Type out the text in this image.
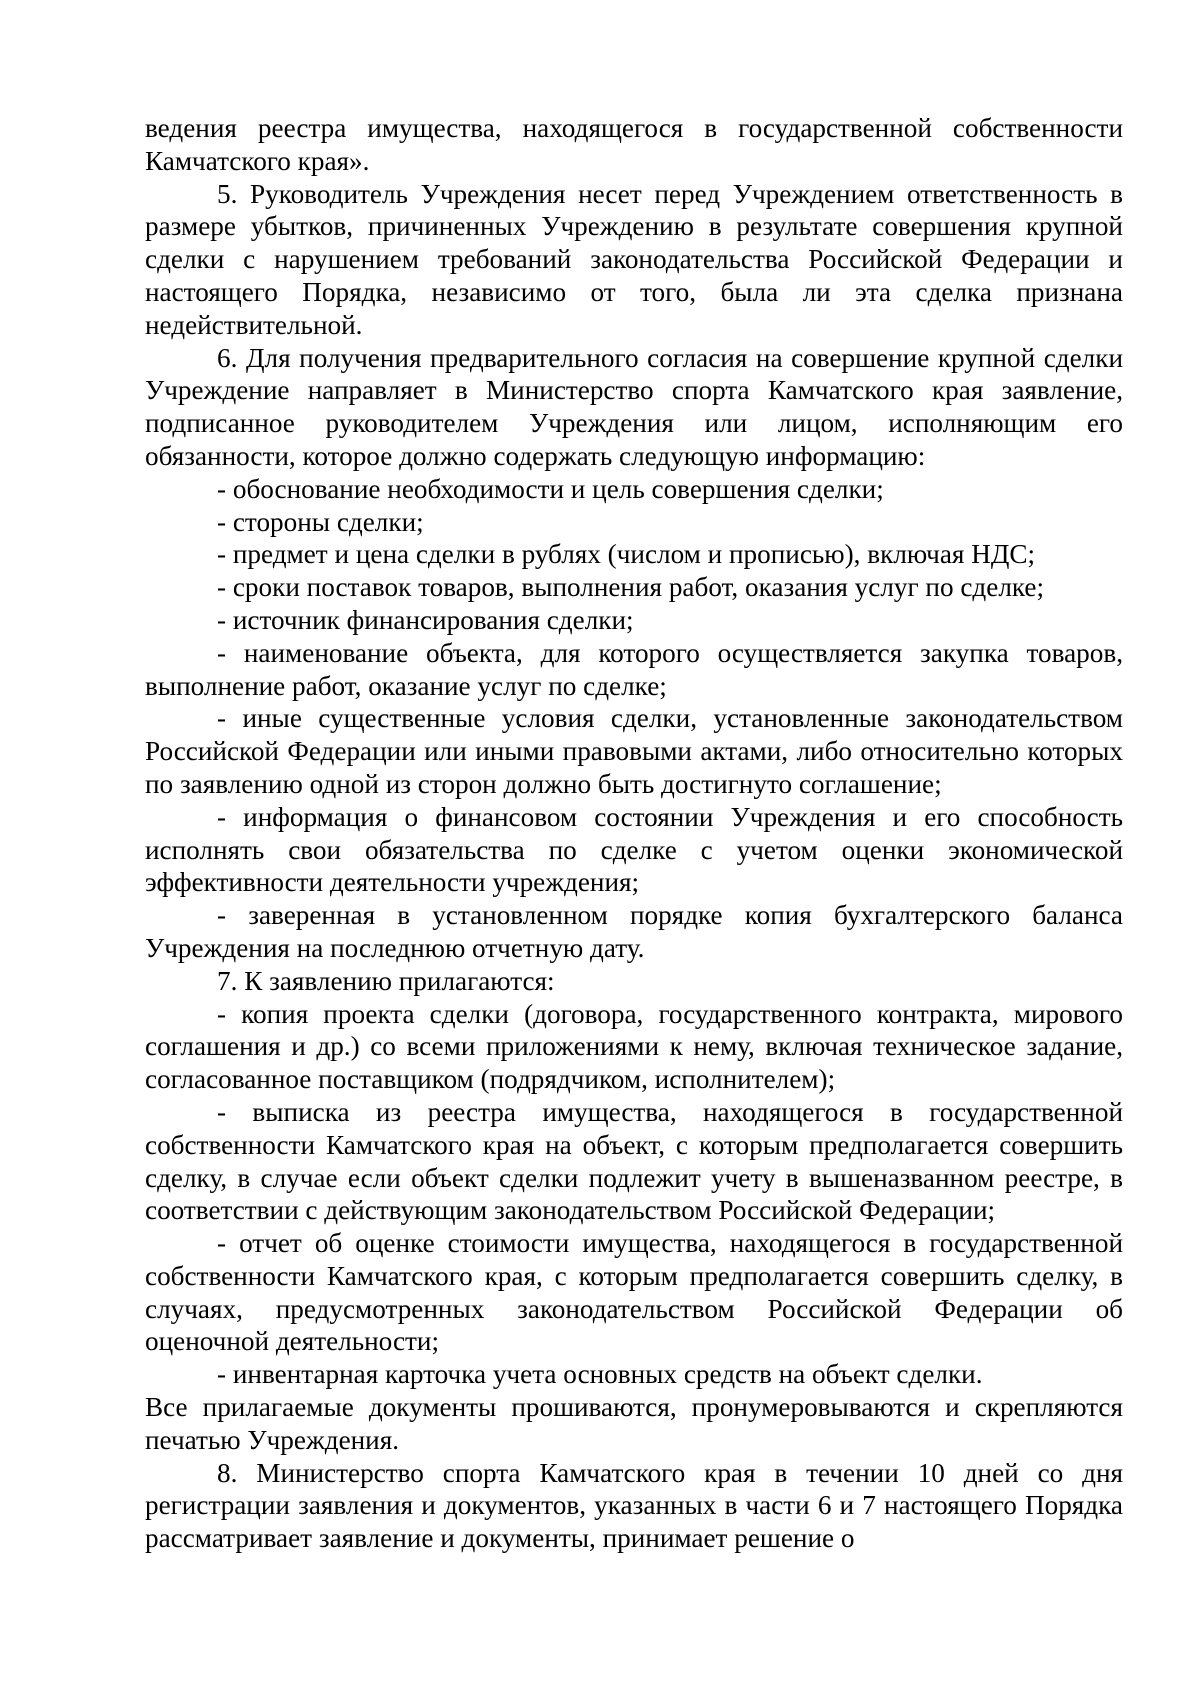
ведения реестра имущества, находящегося в государственной собственности Камчатского края».

5. Руководитель Учреждения несет перед Учреждением ответственность в размере убытков, причиненных Учреждению в результате совершения крупной сделки с нарушением требований законодательства Российской Федерации и настоящего Порядка, независимо от того, была ли эта сделка признана недействительной.

6. Для получения предварительного согласия на совершение крупной сделки Учреждение направляет в Министерство спорта Камчатского края заявление, подписанное руководителем Учреждения или лицом, исполняющим его обязанности, которое должно содержать следующую информацию:

- обоснование необходимости и цель совершения сделки;

- стороны сделки;

- предмет и цена сделки в рублях (числом и прописью), включая НДС;

- сроки поставок товаров, выполнения работ, оказания услуг по сделке;

- источник финансирования сделки;

- наименование объекта, для которого осуществляется закупка товаров, выполнение работ, оказание услуг по сделке;

- иные существенные условия сделки, установленные законодательством Российской Федерации или иными правовыми актами, либо относительно которых по заявлению одной из сторон должно быть достигнуто соглашение;

- информация о финансовом состоянии Учреждения и его способность исполнять свои обязательства по сделке с учетом оценки экономической эффективности деятельности учреждения;

- заверенная в установленном порядке копия бухгалтерского баланса Учреждения на последнюю отчетную дату.

7. К заявлению прилагаются:

- копия проекта сделки (договора, государственного контракта, мирового соглашения и др.) со всеми приложениями к нему, включая техническое задание, согласованное поставщиком (подрядчиком, исполнителем);

- выписка из реестра имущества, находящегося в государственной собственности Камчатского края на объект, с которым предполагается совершить сделку, в случае если объект сделки подлежит учету в вышеназванном реестре, в соответствии с действующим законодательством Российской Федерации;

- отчет об оценке стоимости имущества, находящегося в государственной собственности Камчатского края, с которым предполагается совершить сделку, в случаях, предусмотренных законодательством Российской Федерации об оценочной деятельности;

- инвентарная карточка учета основных средств на объект сделки.

Все прилагаемые документы прошиваются, пронумеровываются и скрепляются печатью Учреждения.

8. Министерство спорта Камчатского края в течении 10 дней со дня регистрации заявления и документов, указанных в части 6 и 7 настоящего Порядка рассматривает заявление и документы, принимает решение о
